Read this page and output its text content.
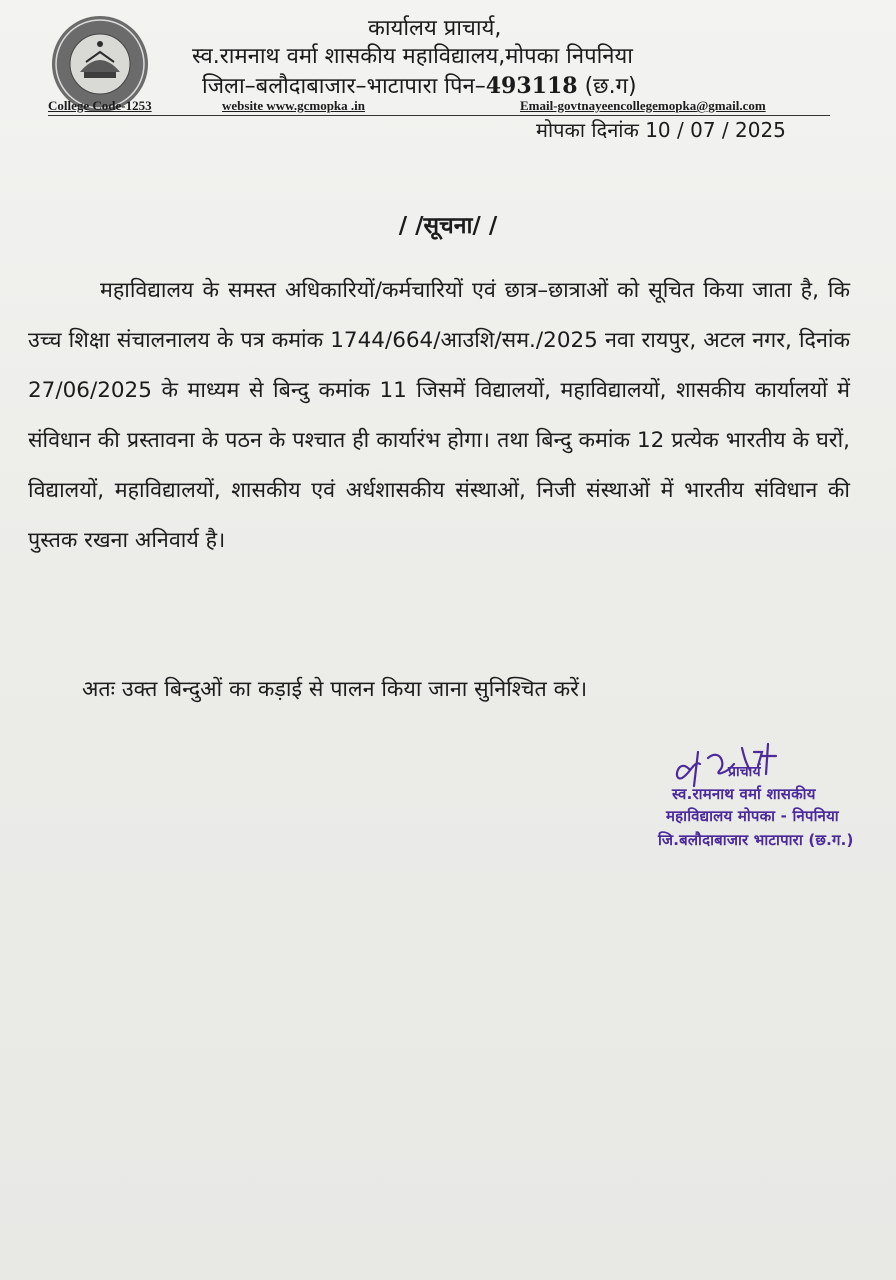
कार्यालय प्राचार्य,
स्व.रामनाथ वर्मा शासकीय महाविद्यालय,मोपका निपनिया
जिला–बलौदाबाजार–भाटापारा पिन–493118 (छ.ग)
College Code-1253	website www.gcmopka .in	Email-govtnayeencollegemopka@gmail.com
मोपका दिनांक 10 / 07 / 2025
/ /सूचना/ /

महाविद्यालय के समस्त अधिकारियों/कर्मचारियों एवं छात्र–छात्राओं को सूचित किया जाता है, कि उच्च शिक्षा संचालनालय के पत्र कमांक 1744/664/आउशि/सम./2025 नवा रायपुर, अटल नगर, दिनांक 27/06/2025 के माध्यम से बिन्दु कमांक 11 जिसमें विद्यालयों, महाविद्यालयों, शासकीय कार्यालयों में संविधान की प्रस्तावना के पठन के पश्चात ही कार्यारंभ होगा। तथा बिन्दु कमांक 12 प्रत्येक भारतीय के घरों, विद्यालयों, महाविद्यालयों, शासकीय एवं अर्धशासकीय संस्थाओं, निजी संस्थाओं में भारतीय संविधान की पुस्तक रखना अनिवार्य है।

अतः उक्त बिन्दुओं का कड़ाई से पालन किया जाना सुनिश्चित करें।

प्राचार्य
स्व.रामनाथ वर्मा शासकीय
महाविद्यालय मोपका - निपनिया
जि.बलौदाबाजार भाटापारा (छ.ग.)
